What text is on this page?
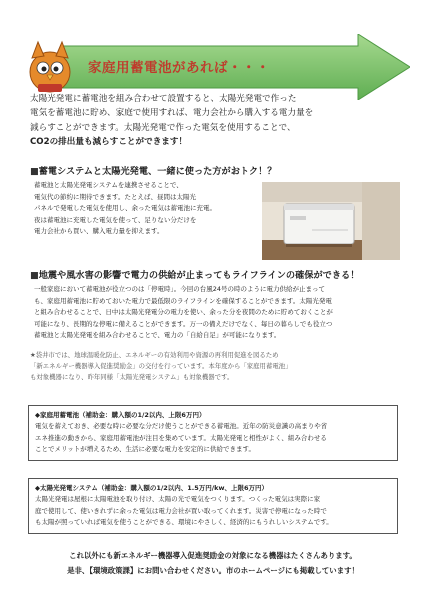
家庭用蓄電池があれば・・・
太陽光発電に蓄電池を組み合わせて設置すると、太陽光発電で作った
電気を蓄電池に貯め、家庭で使用すれば、電力会社から購入する電力量を
減らすことができます。太陽光発電で作った電気を使用することで、
CO2の排出量も減らすことができます！
■蓄電システムと太陽光発電、一緒に使った方がおトク！？
蓄電池と太陽光発電システムを連携させることで、
電気代の節約に期待できます。たとえば、昼間は太陽光
パネルで発電した電気を使用し、余った電気は蓄電池に充電。
夜は蓄電池に充電した電気を使って、足りない分だけを
電力会社から買い、購入電力量を抑えます。
■地震や風水害の影響で電力の供給が止まってもライフラインの確保ができる！
一般家庭において蓄電池が役立つのは「停電時」。今回の台風24号の時のように電力供給が止まって
も、家庭用蓄電池に貯めておいた電力で最低限のライフラインを確保することができます。太陽光発電
と組み合わせることで、日中は太陽光発電分の電力を使い、余った分を夜間のために貯めておくことが
可能になり、長期的な停電に備えることができます。万一の備えだけでなく、毎日の暮らしでも役立つ
蓄電池と太陽光発電を組み合わせることで、電力の「自給自足」が可能になります。
★袋井市では、地球温暖化防止、エネルギーの有効利用や資源の再利用促進を図るため
「新エネルギー機器導入促進奨励金」の交付を行っています。本年度から「家庭用蓄電池」
も対象機器になり、昨年同様「太陽光発電システム」も対象機器です。
◆家庭用蓄電池（補助金：購入額の1/2以内、上限6万円）
電気を蓄えておき、必要な時に必要な分だけ使うことができる蓄電池。近年の防災意識の高まりや省
エネ推進の動きから、家庭用蓄電池が注目を集めています。太陽光発電と相性がよく、組み合わせる
ことでメリットが増えるため、生活に必要な電力を安定的に供給できます。
◆太陽光発電システム（補助金：購入額の1/2以内、1.5万円/kw、上限6万円）
太陽光発電は屋根に太陽電池を取り付け、太陽の光で電気をつくります。つくった電気は実際に家
庭で使用して、使いきれずに余った電気は電力会社が買い取ってくれます。災害で停電になった時で
も太陽が照っていれば電気を使うことができる、環境にやさしく、経済的にもうれしいシステムです。
これ以外にも新エネルギー機器導入促進奨励金の対象になる機器はたくさんあります。
是非、【環境政策課】にお問い合わせください。市のホームページにも掲載しています！
